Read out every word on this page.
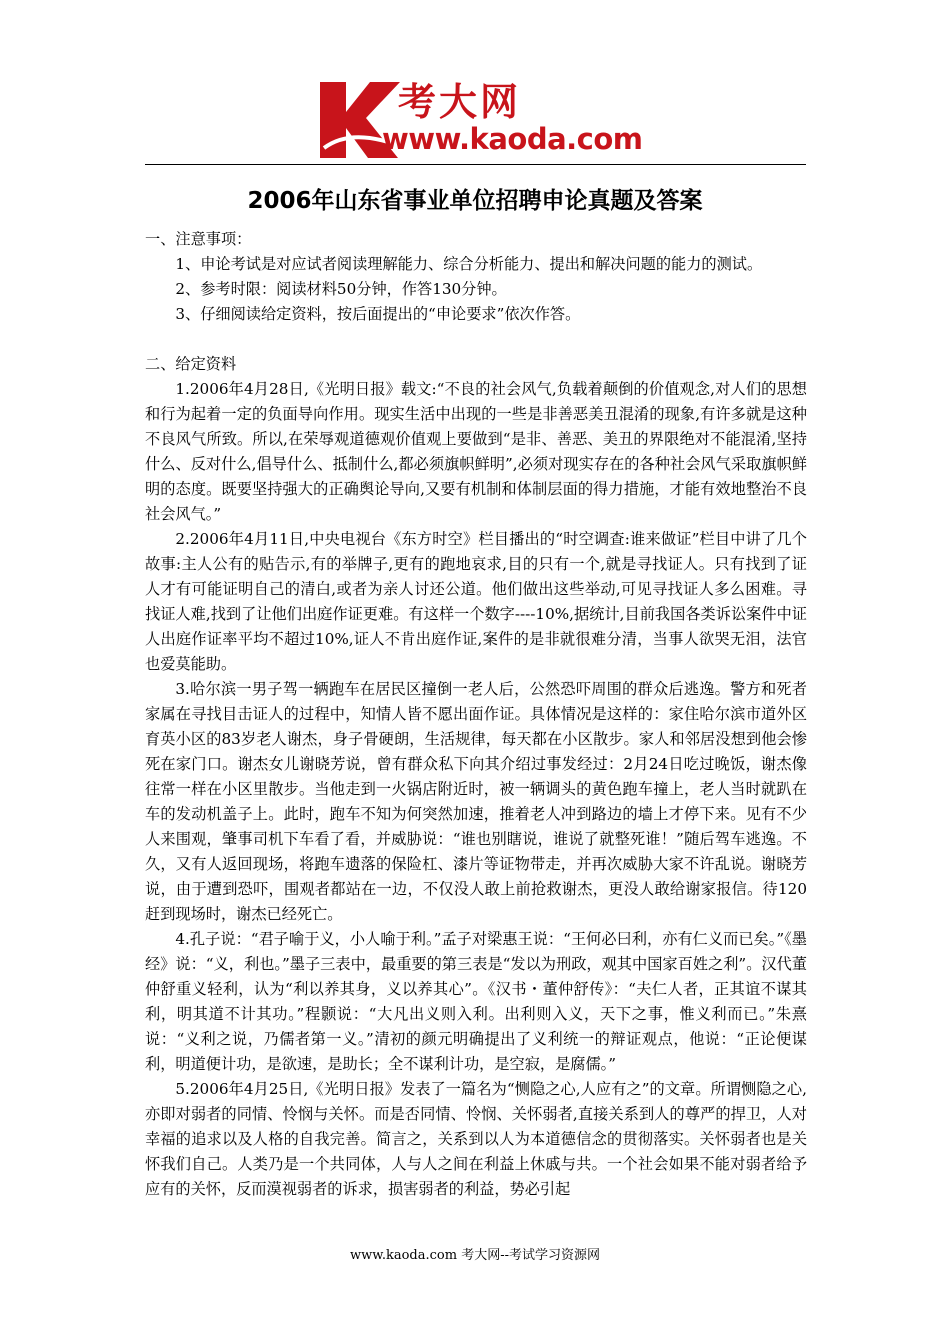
考大网
www.kaoda.com
2006年山东省事业单位招聘申论真题及答案

一、注意事项：

1、申论考试是对应试者阅读理解能力、综合分析能力、提出和解决问题的能力的测试。

2、参考时限：阅读材料50分钟，作答130分钟。

3、仔细阅读给定资料，按后面提出的“申论要求”依次作答。

二、给定资料

1.2006年4月28日,《光明日报》载文:“不良的社会风气,负载着颠倒的价值观念,对人们的思想和行为起着一定的负面导向作用。现实生活中出现的一些是非善恶美丑混淆的现象,有许多就是这种不良风气所致。所以,在荣辱观道德观价值观上要做到“是非、善恶、美丑的界限绝对不能混淆,坚持什么、反对什么,倡导什么、抵制什么,都必须旗帜鲜明”,必须对现实存在的各种社会风气采取旗帜鲜明的态度。既要坚持强大的正确舆论导向,又要有机制和体制层面的得力措施，才能有效地整治不良社会风气。”

2.2006年4月11日,中央电视台《东方时空》栏目播出的“时空调查:谁来做证”栏目中讲了几个故事:主人公有的贴告示,有的举牌子,更有的跑地哀求,目的只有一个,就是寻找证人。只有找到了证人才有可能证明自己的清白,或者为亲人讨还公道。他们做出这些举动,可见寻找证人多么困难。寻找证人难,找到了让他们出庭作证更难。有这样一个数字----10%,据统计,目前我国各类诉讼案件中证人出庭作证率平均不超过10%,证人不肯出庭作证,案件的是非就很难分清，当事人欲哭无泪，法官也爱莫能助。

3.哈尔滨一男子驾一辆跑车在居民区撞倒一老人后，公然恐吓周围的群众后逃逸。警方和死者家属在寻找目击证人的过程中，知情人皆不愿出面作证。具体情况是这样的：家住哈尔滨市道外区育英小区的83岁老人谢杰，身子骨硬朗，生活规律，每天都在小区散步。家人和邻居没想到他会惨死在家门口。谢杰女儿谢晓芳说，曾有群众私下向其介绍过事发经过：2月24日吃过晚饭，谢杰像往常一样在小区里散步。当他走到一火锅店附近时，被一辆调头的黄色跑车撞上，老人当时就趴在车的发动机盖子上。此时，跑车不知为何突然加速，推着老人冲到路边的墙上才停下来。见有不少人来围观，肇事司机下车看了看，并威胁说：“谁也别瞎说，谁说了就整死谁！”随后驾车逃逸。不久，又有人返回现场，将跑车遗落的保险杠、漆片等证物带走，并再次威胁大家不许乱说。谢晓芳说，由于遭到恐吓，围观者都站在一边，不仅没人敢上前抢救谢杰，更没人敢给谢家报信。待120赶到现场时，谢杰已经死亡。

4.孔子说：“君子喻于义，小人喻于利。”孟子对梁惠王说：“王何必曰利，亦有仁义而已矣。”《墨经》说：“义，利也。”墨子三表中，最重要的第三表是“发以为刑政，观其中国家百姓之利”。汉代董仲舒重义轻利，认为“利以养其身，义以养其心”。《汉书・董仲舒传》：“夫仁人者，正其谊不谋其利，明其道不计其功。”程颢说：“大凡出义则入利。出利则入义，天下之事，惟义利而已。”朱熹说：“义利之说，乃儒者第一义。”清初的颜元明确提出了义利统一的辩证观点，他说：“正论便谋利，明道便计功，是欲速，是助长；全不谋利计功，是空寂，是腐儒。”

5.2006年4月25日,《光明日报》发表了一篇名为“恻隐之心,人应有之”的文章。所谓恻隐之心,亦即对弱者的同情、怜悯与关怀。而是否同情、怜悯、关怀弱者,直接关系到人的尊严的捍卫，人对幸福的追求以及人格的自我完善。简言之，关系到以人为本道德信念的贯彻落实。关怀弱者也是关怀我们自己。人类乃是一个共同体，人与人之间在利益上休戚与共。一个社会如果不能对弱者给予应有的关怀，反而漠视弱者的诉求，损害弱者的利益，势必引起

www.kaoda.com 考大网--考试学习资源网
